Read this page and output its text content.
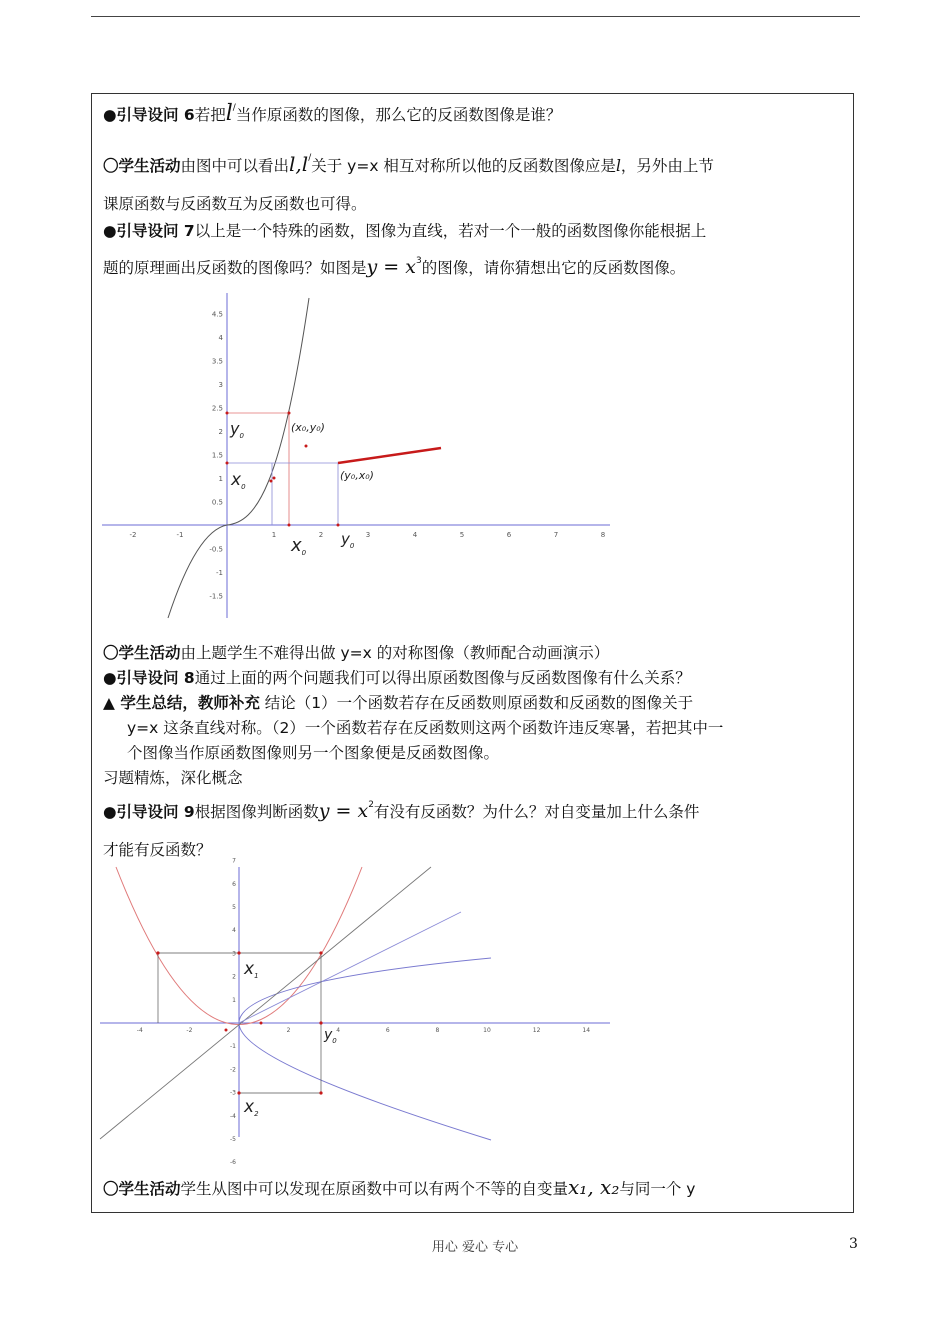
●引导设问 6若把l/当作原函数的图像，那么它的反函数图像是谁？
〇学生活动由图中可以看出l,l/关于 y=x 相互对称所以他的反函数图像应是l，另外由上节
课原函数与反函数互为反函数也可得。
●引导设问 7以上是一个特殊的函数，图像为直线，若对一个一般的函数图像你能根据上
题的原理画出反函数的图像吗？如图是$y = x^3$的图像，请你猜想出它的反函数图像。
-2	-1	1	2	3	4	5	6	7	8
4.5
4
3.5
3
2.5
2
1.5
1
0.5
-0.5
-1
-1.5
$y_0$
$x_0$
(x₀,y₀)
(y₀,x₀)
$x_0$
$y_0$
〇学生活动由上题学生不难得出做 y=x 的对称图像（教师配合动画演示）
●引导设问 8通过上面的两个问题我们可以得出原函数图像与反函数图像有什么关系？
▲ 学生总结，教师补充 结论（1）一个函数若存在反函数则原函数和反函数的图像关于
y=x 这条直线对称。（2）一个函数若存在反函数则这两个函数许违反寒暑，若把其中一
个图像当作原函数图像则另一个图象便是反函数图像。
习题精炼，深化概念
●引导设问 9根据图像判断函数$y = x^2$有没有反函数？为什么？对自变量加上什么条件
才能有反函数？
-4	-2	2	4	6	8	10	12	14
7
6
5
4
3
2
1
-1
-2
-3
-4
-5
-6
$x_1$
$x_2$
$y_0$
〇学生活动学生从图中可以发现在原函数中可以有两个不等的自变量x₁, x₂与同一个 y
用心 爱心 专心	3
